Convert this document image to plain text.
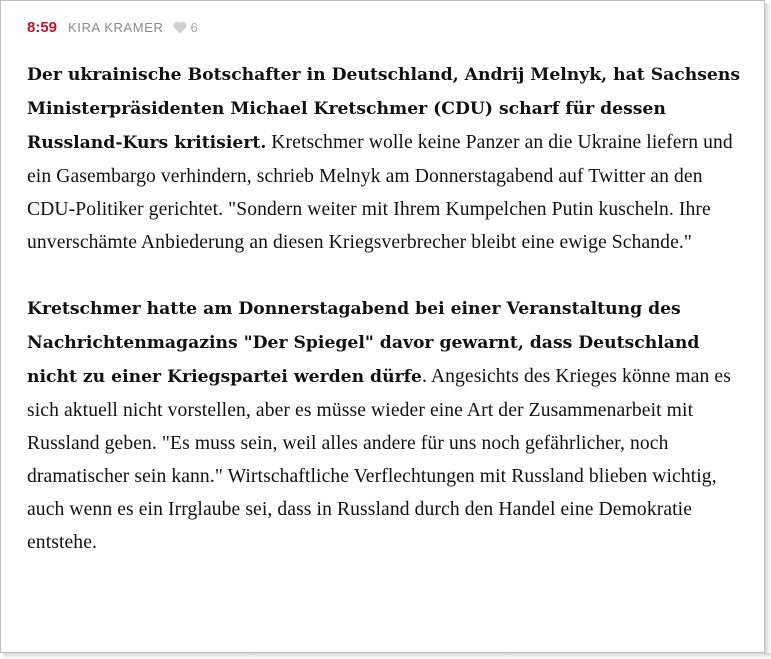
8:59 KIRA KRAMER 6

Der ukrainische Botschafter in Deutschland, Andrij Melnyk, hat Sachsens Ministerpräsidenten Michael Kretschmer (CDU) scharf für dessen Russland-Kurs kritisiert. Kretschmer wolle keine Panzer an die Ukraine liefern und ein Gasembargo verhindern, schrieb Melnyk am Donnerstagabend auf Twitter an den CDU-Politiker gerichtet. "Sondern weiter mit Ihrem Kumpelchen Putin kuscheln. Ihre unverschämte Anbiederung an diesen Kriegsverbrecher bleibt eine ewige Schande."

Kretschmer hatte am Donnerstagabend bei einer Veranstaltung des Nachrichtenmagazins "Der Spiegel" davor gewarnt, dass Deutschland nicht zu einer Kriegspartei werden dürfe. Angesichts des Krieges könne man es sich aktuell nicht vorstellen, aber es müsse wieder eine Art der Zusammenarbeit mit Russland geben. "Es muss sein, weil alles andere für uns noch gefährlicher, noch dramatischer sein kann." Wirtschaftliche Verflechtungen mit Russland blieben wichtig, auch wenn es ein Irrglaube sei, dass in Russland durch den Handel eine Demokratie entstehe.
